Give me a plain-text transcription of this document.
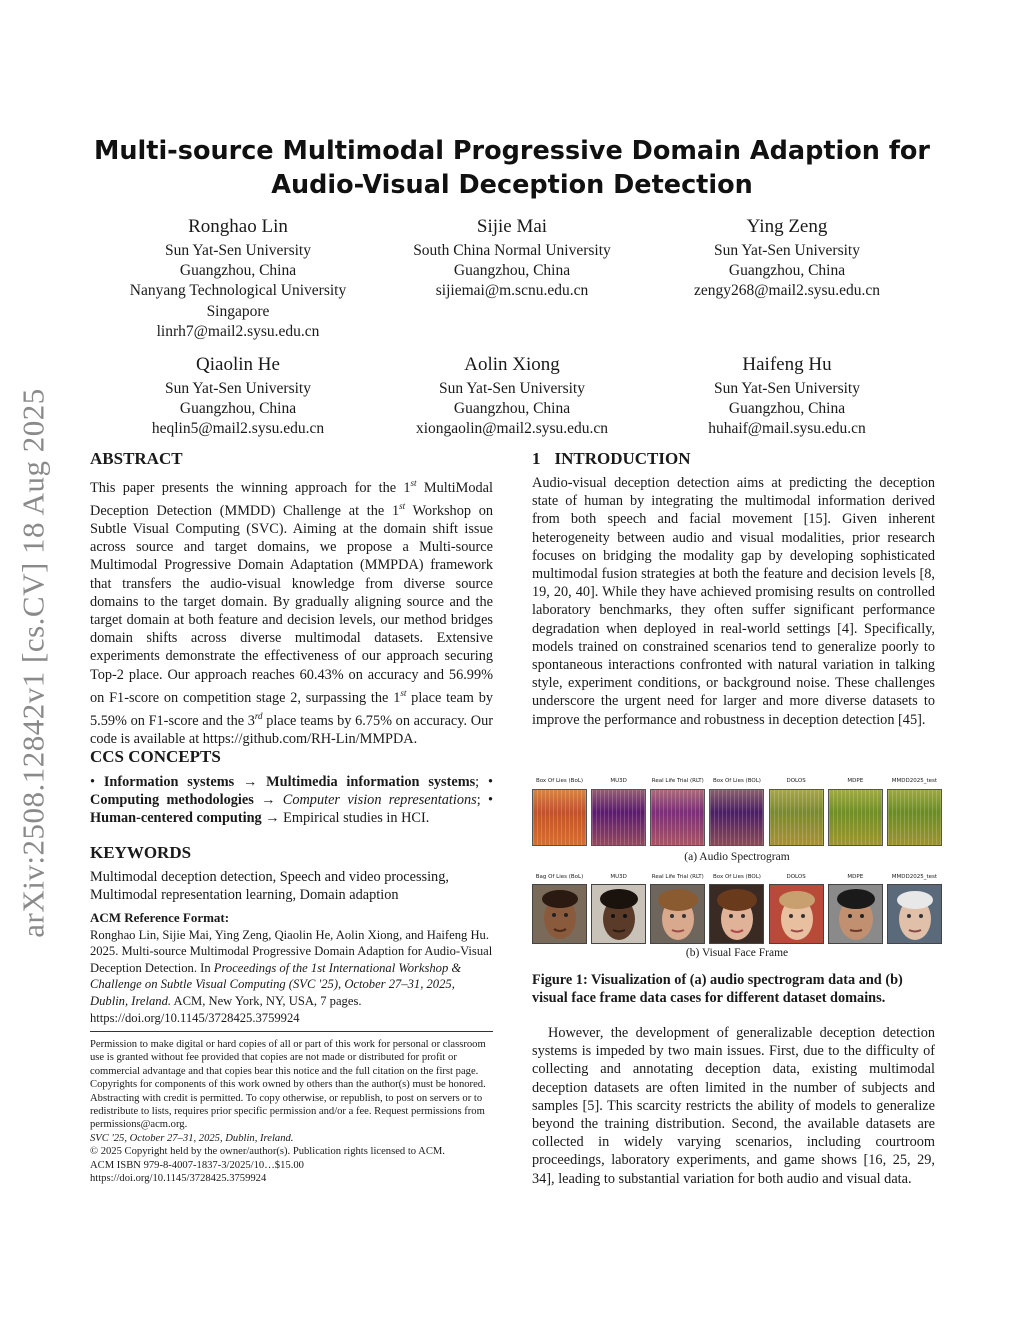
arXiv:2508.12842v1 [cs.CV] 18 Aug 2025
Multi-source Multimodal Progressive Domain Adaption for
Audio-Visual Deception Detection
Ronghao Lin
Sun Yat-Sen University
Guangzhou, China
Nanyang Technological University
Singapore
linrh7@mail2.sysu.edu.cn
Sijie Mai
South China Normal University
Guangzhou, China
sijiemai@m.scnu.edu.cn
Ying Zeng
Sun Yat-Sen University
Guangzhou, China
zengy268@mail2.sysu.edu.cn
Qiaolin He
Sun Yat-Sen University
Guangzhou, China
heqlin5@mail2.sysu.edu.cn
Aolin Xiong
Sun Yat-Sen University
Guangzhou, China
xiongaolin@mail2.sysu.edu.cn
Haifeng Hu
Sun Yat-Sen University
Guangzhou, China
huhaif@mail.sysu.edu.cn
ABSTRACT

This paper presents the winning approach for the 1st MultiModal Deception Detection (MMDD) Challenge at the 1st Workshop on Subtle Visual Computing (SVC). Aiming at the domain shift issue across source and target domains, we propose a Multi-source Multimodal Progressive Domain Adaptation (MMPDA) framework that transfers the audio-visual knowledge from diverse source domains to the target domain. By gradually aligning source and the target domain at both feature and decision levels, our method bridges domain shifts across diverse multimodal datasets. Extensive experiments demonstrate the effectiveness of our approach securing Top-2 place. Our approach reaches 60.43% on accuracy and 56.99% on F1-score on competition stage 2, surpassing the 1st place team by 5.59% on F1-score and the 3rd place teams by 6.75% on accuracy. Our code is available at https://github.com/RH-Lin/MMPDA.

CCS CONCEPTS

• Information systems → Multimedia information systems; • Computing methodologies → Computer vision representations; • Human-centered computing → Empirical studies in HCI.

KEYWORDS

Multimodal deception detection, Speech and video processing, Multimodal representation learning, Domain adaption

ACM Reference Format:

Ronghao Lin, Sijie Mai, Ying Zeng, Qiaolin He, Aolin Xiong, and Haifeng Hu. 2025. Multi-source Multimodal Progressive Domain Adaption for Audio-Visual Deception Detection. In Proceedings of the 1st International Workshop & Challenge on Subtle Visual Computing (SVC '25), October 27–31, 2025, Dublin, Ireland. ACM, New York, NY, USA, 7 pages. https://doi.org/10.1145/3728425.3759924

Permission to make digital or hard copies of all or part of this work for personal or classroom use is granted without fee provided that copies are not made or distributed for profit or commercial advantage and that copies bear this notice and the full citation on the first page. Copyrights for components of this work owned by others than the author(s) must be honored. Abstracting with credit is permitted. To copy otherwise, or republish, to post on servers or to redistribute to lists, requires prior specific permission and/or a fee. Request permissions from permissions@acm.org.

SVC '25, October 27–31, 2025, Dublin, Ireland.

© 2025 Copyright held by the owner/author(s). Publication rights licensed to ACM.

ACM ISBN 979-8-4007-1837-3/2025/10…$15.00

https://doi.org/10.1145/3728425.3759924

1 INTRODUCTION

Audio-visual deception detection aims at predicting the deception state of human by integrating the multimodal information derived from both speech and facial movement [15]. Given inherent heterogeneity between audio and visual modalities, prior research focuses on bridging the modality gap by developing sophisticated multimodal fusion strategies at both the feature and decision levels [8, 19, 20, 40]. While they have achieved promising results on controlled laboratory benchmarks, they often suffer significant performance degradation when deployed in real-world settings [4]. Specifically, models trained on constrained scenarios tend to generalize poorly to spontaneous interactions confronted with natural variation in talking style, experiment conditions, or background noise. These challenges underscore the urgent need for larger and more diverse datasets to improve the performance and robustness in deception detection [45].

Box Of Lies (BoL)	MU3D	Real Life Trial (RLT)	Box Of Lies (BOL)	DOLOS	MDPE	MMDD2025_test
(a) Audio Spectrogram
Bag Of Lies (BoL)	MU3D	Real Life Trial (RLT)	Box Of Lies (BOL)	DOLOS	MDPE	MMDD2025_test
(b) Visual Face Frame
Figure 1: Visualization of (a) audio spectrogram data and (b) visual face frame data cases for different dataset domains.

However, the development of generalizable deception detection systems is impeded by two main issues. First, due to the difficulty of collecting and annotating deception data, existing multimodal deception datasets are often limited in the number of subjects and samples [5]. This scarcity restricts the ability of models to generalize beyond the training distribution. Second, the available datasets are collected in widely varying scenarios, including courtroom proceedings, laboratory experiments, and game shows [16, 25, 29, 34], leading to substantial variation for both audio and visual data.
